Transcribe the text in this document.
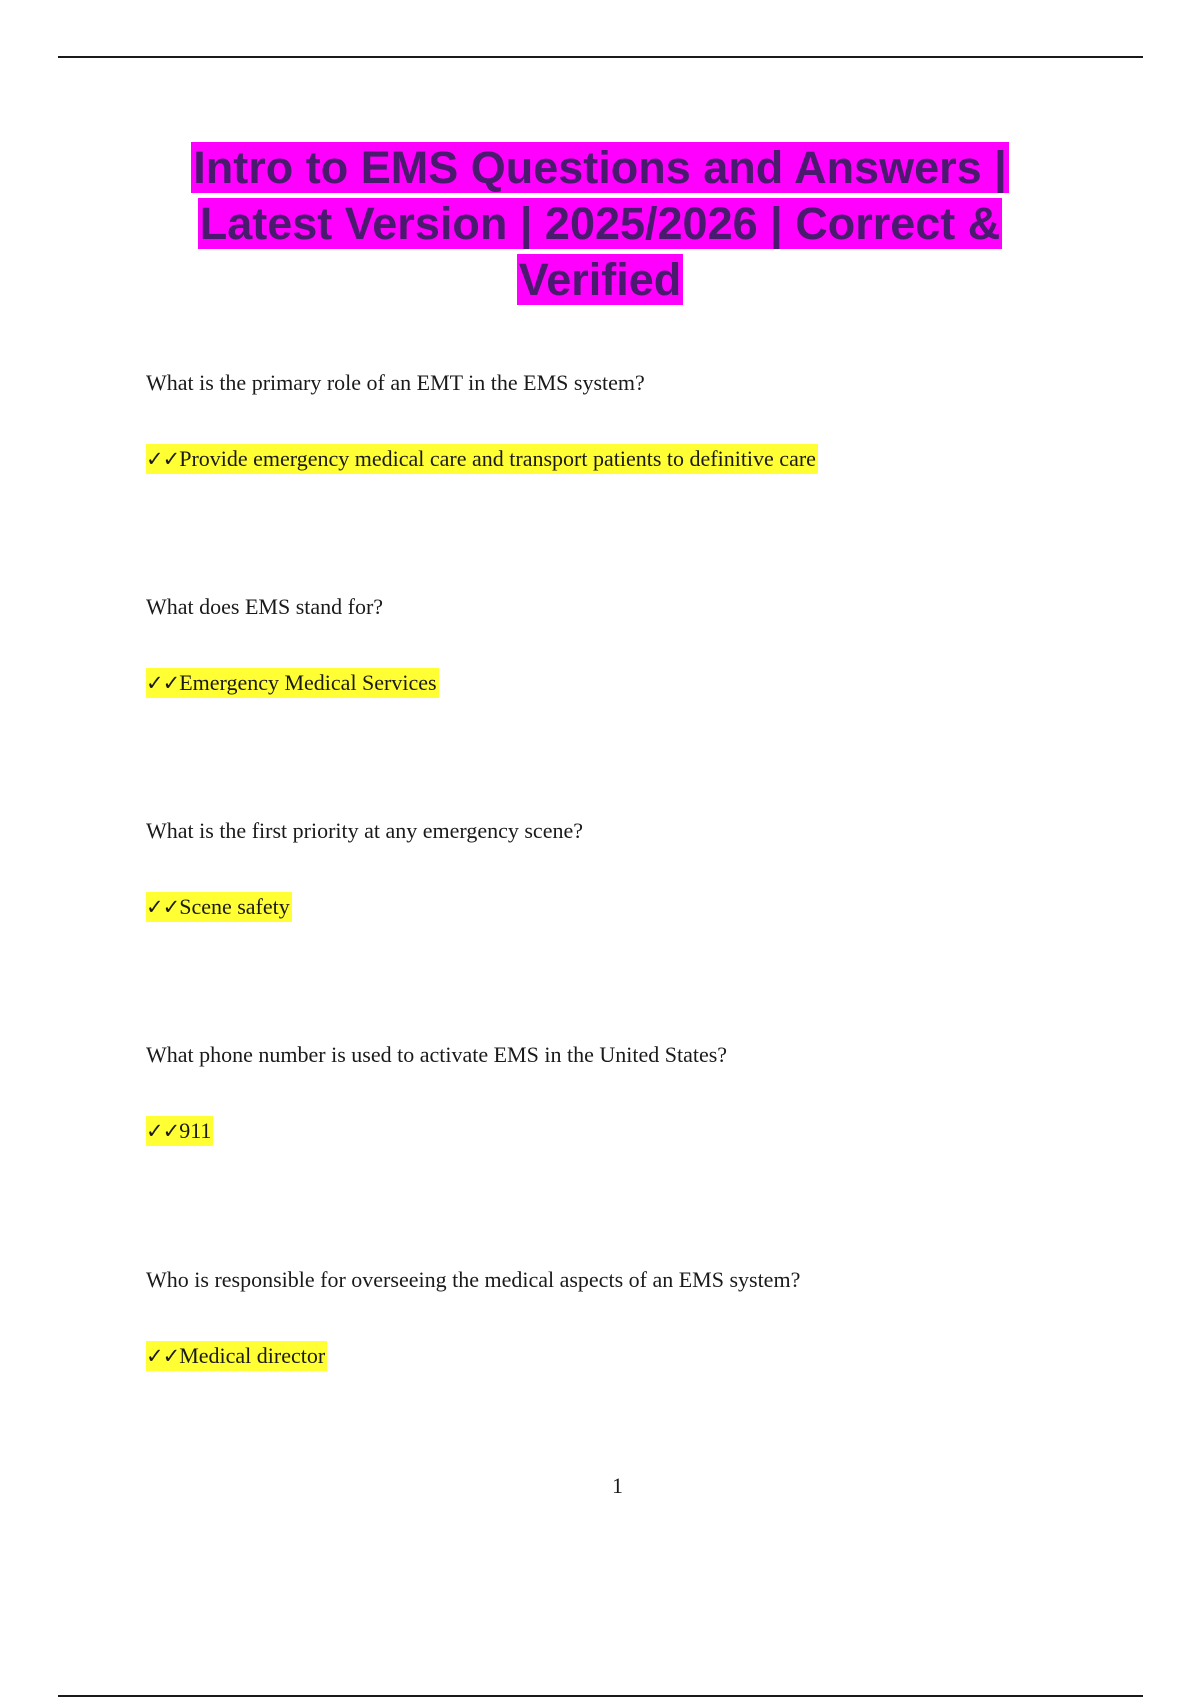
Intro to EMS Questions and Answers |
Latest Version | 2025/2026 | Correct &
Verified

What is the primary role of an EMT in the EMS system?

✓✓Provide emergency medical care and transport patients to definitive care

What does EMS stand for?

✓✓Emergency Medical Services

What is the first priority at any emergency scene?

✓✓Scene safety

What phone number is used to activate EMS in the United States?

✓✓911

Who is responsible for overseeing the medical aspects of an EMS system?

✓✓Medical director
1
